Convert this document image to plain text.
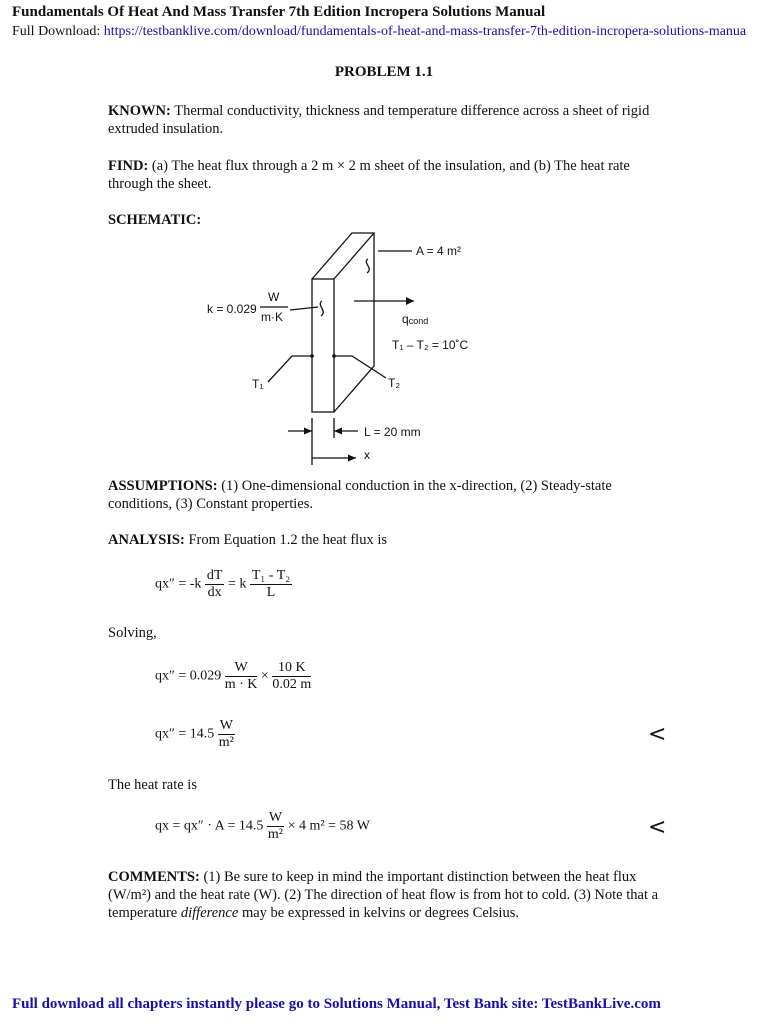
Fundamentals Of Heat And Mass Transfer 7th Edition Incropera Solutions Manual
Full Download: https://testbanklive.com/download/fundamentals-of-heat-and-mass-transfer-7th-edition-incropera-solutions-manua
PROBLEM 1.1
KNOWN: Thermal conductivity, thickness and temperature difference across a sheet of rigid extruded insulation.
FIND: (a) The heat flux through a 2 m × 2 m sheet of the insulation, and (b) The heat rate through the sheet.
SCHEMATIC:
A = 4 m²
k = 0.029
W
m·K	qcond
T₁ – T₂ = 10˚C
T₁	T₂
L = 20 mm
x
ASSUMPTIONS: (1) One-dimensional conduction in the x-direction, (2) Steady-state conditions, (3) Constant properties.
ANALYSIS: From Equation 1.2 the heat flux is
$qx'' = -k \frac{dT}{dx} = k \frac{\text{T₁ - T₂}}{L}$
Solving,
$qx'' = 0.029 \frac{W}{m \cdot K} \times \frac{10 K}{0.02 m}$
$qx'' = 14.5 \frac{W}{\text{m²}}$	<
The heat rate is
qx = $qx'' \cdot A = 14.5 \frac{W}{\text{m²}} \times 4$ m² = 58 W	<
COMMENTS: (1) Be sure to keep in mind the important distinction between the heat flux (W/m²) and the heat rate (W). (2) The direction of heat flow is from hot to cold. (3) Note that a temperature difference may be expressed in kelvins or degrees Celsius.
Full download all chapters instantly please go to Solutions Manual, Test Bank site: TestBankLive.com
